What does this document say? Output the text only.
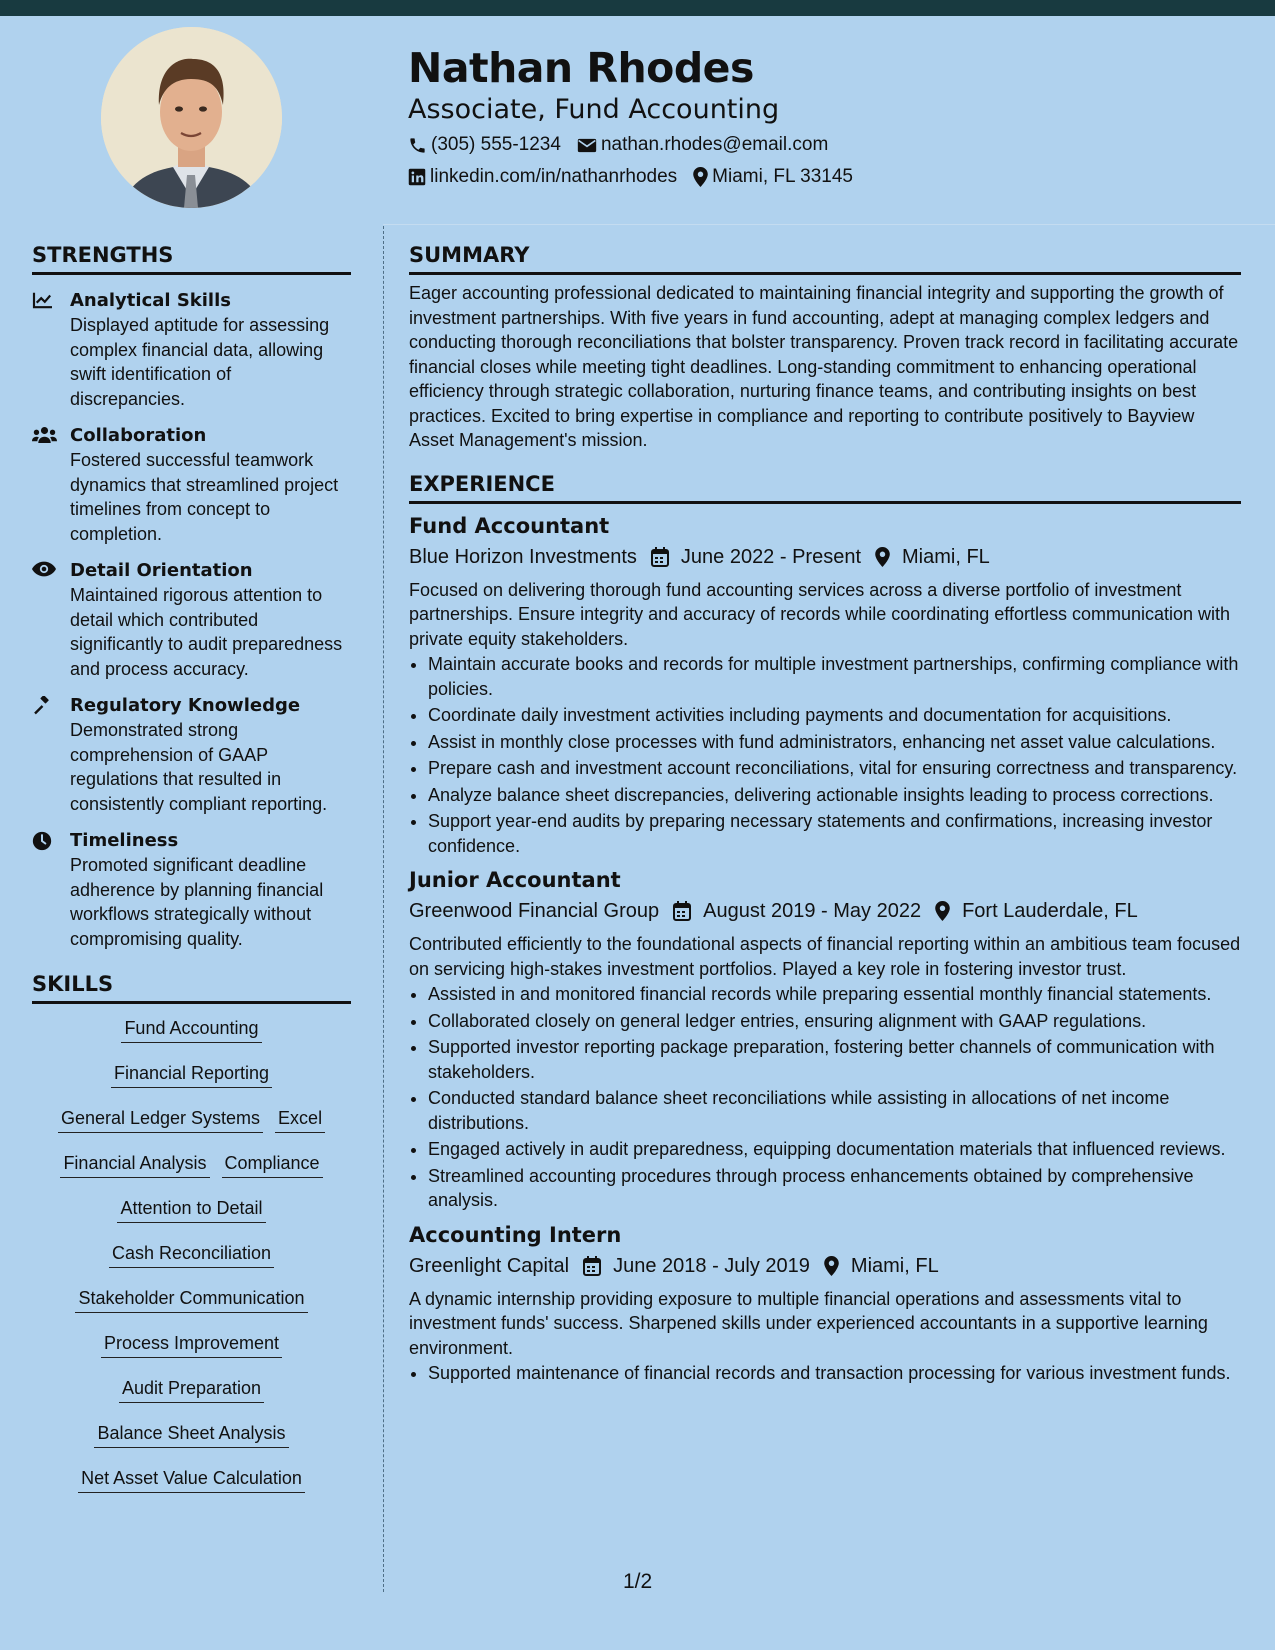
Nathan Rhodes
Associate, Fund Accounting
(305) 555-1234 nathan.rhodes@email.com
linkedin.com/in/nathanrhodes Miami, FL 33145
STRENGTHS
Analytical Skills
Displayed aptitude for assessing complex financial data, allowing swift identification of discrepancies.
Collaboration
Fostered successful teamwork dynamics that streamlined project timelines from concept to completion.
Detail Orientation
Maintained rigorous attention to detail which contributed significantly to audit preparedness and process accuracy.
Regulatory Knowledge
Demonstrated strong comprehension of GAAP regulations that resulted in consistently compliant reporting.
Timeliness
Promoted significant deadline adherence by planning financial workflows strategically without compromising quality.
SKILLS
Fund Accounting
Financial Reporting
General Ledger Systems Excel
Financial Analysis Compliance
Attention to Detail
Cash Reconciliation
Stakeholder Communication
Process Improvement
Audit Preparation
Balance Sheet Analysis
Net Asset Value Calculation
SUMMARY
Eager accounting professional dedicated to maintaining financial integrity and supporting the growth of investment partnerships. With five years in fund accounting, adept at managing complex ledgers and conducting thorough reconciliations that bolster transparency. Proven track record in facilitating accurate financial closes while meeting tight deadlines. Long-standing commitment to enhancing operational efficiency through strategic collaboration, nurturing finance teams, and contributing insights on best practices. Excited to bring expertise in compliance and reporting to contribute positively to Bayview Asset Management's mission.
EXPERIENCE
Fund Accountant
Blue Horizon Investments June 2022 - Present Miami, FL
Focused on delivering thorough fund accounting services across a diverse portfolio of investment partnerships. Ensure integrity and accuracy of records while coordinating effortless communication with private equity stakeholders.
• Maintain accurate books and records for multiple investment partnerships, confirming compliance with policies.
• Coordinate daily investment activities including payments and documentation for acquisitions.
• Assist in monthly close processes with fund administrators, enhancing net asset value calculations.
• Prepare cash and investment account reconciliations, vital for ensuring correctness and transparency.
• Analyze balance sheet discrepancies, delivering actionable insights leading to process corrections.
• Support year-end audits by preparing necessary statements and confirmations, increasing investor confidence.
Junior Accountant
Greenwood Financial Group August 2019 - May 2022 Fort Lauderdale, FL
Contributed efficiently to the foundational aspects of financial reporting within an ambitious team focused on servicing high-stakes investment portfolios. Played a key role in fostering investor trust.
• Assisted in and monitored financial records while preparing essential monthly financial statements.
• Collaborated closely on general ledger entries, ensuring alignment with GAAP regulations.
• Supported investor reporting package preparation, fostering better channels of communication with stakeholders.
• Conducted standard balance sheet reconciliations while assisting in allocations of net income distributions.
• Engaged actively in audit preparedness, equipping documentation materials that influenced reviews.
• Streamlined accounting procedures through process enhancements obtained by comprehensive analysis.
Accounting Intern
Greenlight Capital June 2018 - July 2019 Miami, FL
A dynamic internship providing exposure to multiple financial operations and assessments vital to investment funds' success. Sharpened skills under experienced accountants in a supportive learning environment.
• Supported maintenance of financial records and transaction processing for various investment funds.
1/2
